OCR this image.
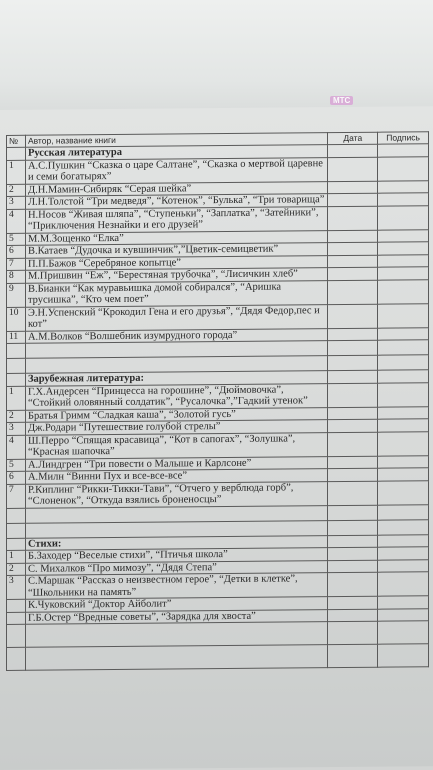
МТС
№	Автор, название книги	Дата	Подпись
	Русская литература		
1	А.С.Пушкин “Сказка о царе Салтане”, “Сказка о мертвой царевне и семи богатырях”		
2	Д.Н.Мамин-Сибиряк “Серая шейка”		
3	Л.Н.Толстой “Три медведя”, “Котенок”, “Булька”, “Три товарища”		
4	Н.Носов “Живая шляпа”, “Ступеньки”, “Заплатка”, “Затейники”, “Приключения Незнайки и его друзей”		
5	М.М.Зощенко “Елка”		
6	В.Катаев “Дудочка и кувшинчик”,”Цветик-семицветик”		
7	П.П.Бажов “Серебряное копытце”		
8	М.Пришвин “Еж”, “Берестяная трубочка”, “Лисичкин хлеб”		
9	В.Бианки “Как муравьишка домой собирался”, “Аришка трусишка”, “Кто чем поет”		
10	Э.Н.Успенский “Крокодил Гена и его друзья”, “Дядя Федор,пес и кот”		
11	А.М.Волков “Волшебник изумрудного города”		

	Зарубежная литература:		
1	Г.Х.Андерсен “Принцесса на горошине”, “Дюймовочка”, “Стойкий оловянный солдатик”, “Русалочка”,”Гадкий утенок”		
2	Братья Гримм “Сладкая каша”, “Золотой гусь”		
3	Дж.Родари “Путешествие голубой стрелы”		
4	Ш.Перро “Спящая красавица”, “Кот в сапогах”, “Золушка”, “Красная шапочка”		
5	А.Линдгрен “Три повести о Малыше и Карлсоне”		
6	А.Милн “Винни Пух и все-все-все”		
7	Р.Киплинг “Рикки-Тикки-Тави”, “Отчего у верблюда горб”, “Слоненок”, “Откуда взялись броненосцы”		

	Стихи:		
1	Б.Заходер “Веселые стихи”, “Птичья школа”		
2	С. Михалков “Про мимозу”, “Дядя Степа”		
3	С.Маршак “Рассказ о неизвестном герое”, “Детки в клетке”, “Школьники на память”		
	К.Чуковский “Доктор Айболит”		
	Г.Б.Остер “Вредные советы”, “Зарядка для хвоста”		
